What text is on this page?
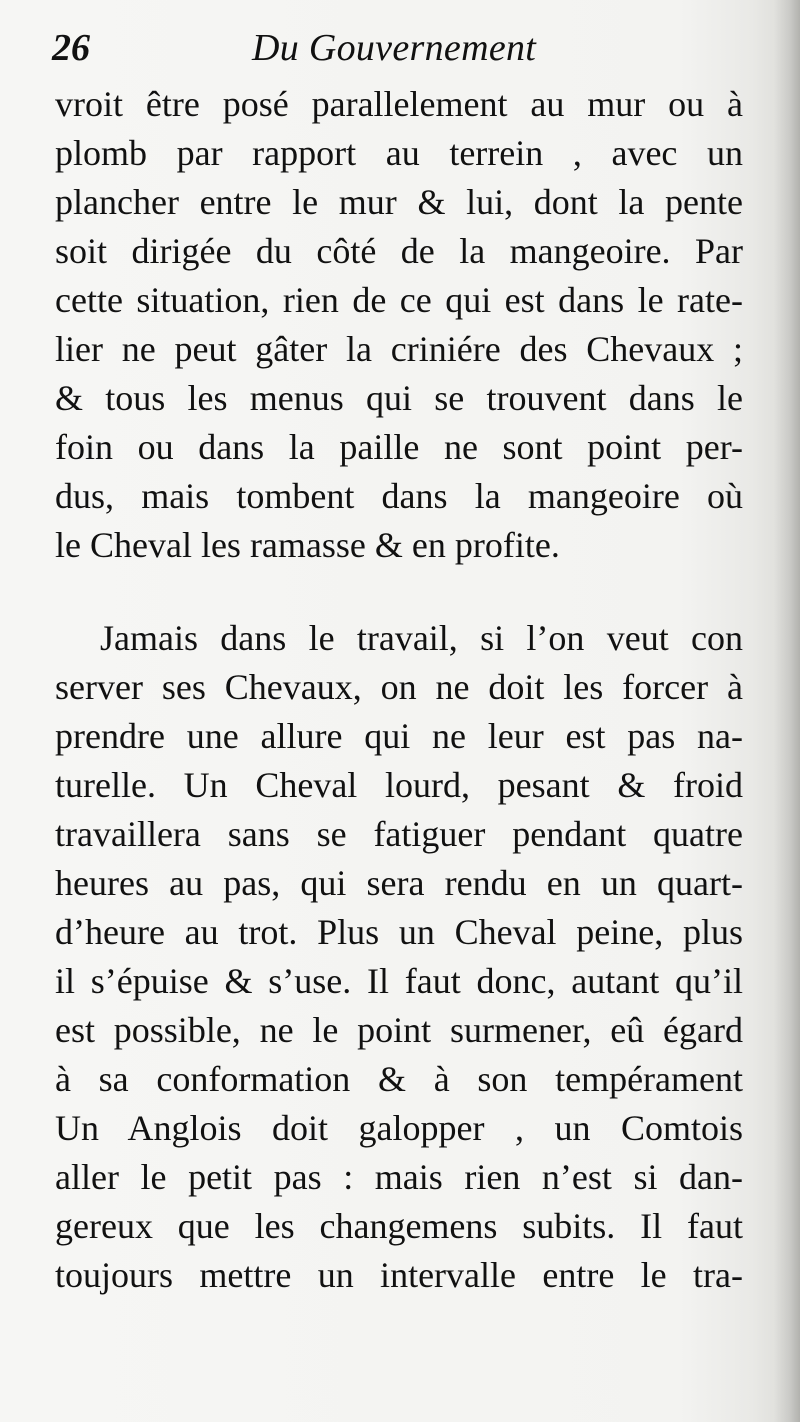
26	Du Gouvernement
vroit être posé parallelement au mur ou à
plomb par rapport au terrein , avec un
plancher entre le mur & lui, dont la pente
soit dirigée du côté de la mangeoire. Par
cette situation, rien de ce qui est dans le rate-
lier ne peut gâter la criniére des Chevaux ;
& tous les menus qui se trouvent dans le
foin ou dans la paille ne sont point per-
dus, mais tombent dans la mangeoire où
le Cheval les ramasse & en profite.
Jamais dans le travail, si l’on veut con
server ses Chevaux, on ne doit les forcer à
prendre une allure qui ne leur est pas na-
turelle. Un Cheval lourd, pesant & froid
travaillera sans se fatiguer pendant quatre
heures au pas, qui sera rendu en un quart-
d’heure au trot. Plus un Cheval peine, plus
il s’épuise & s’use. Il faut donc, autant qu’il
est possible, ne le point surmener, eû égard
à sa conformation & à son tempérament
Un Anglois doit galopper , un Comtois
aller le petit pas : mais rien n’est si dan-
gereux que les changemens subits. Il faut
toujours mettre un intervalle entre le tra-
